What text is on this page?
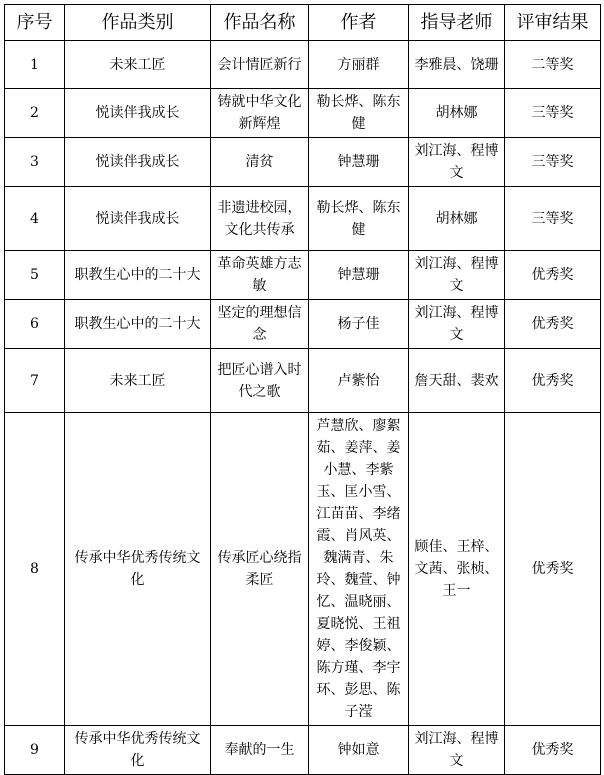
序号	作品类别	作品名称	作者	指导老师	评审结果
1	未来工匠	会计情匠新行	方丽群	李雅晨、饶珊	二等奖
2	悦读伴我成长	铸就中华文化新辉煌	勒长烨、陈东健	胡林娜	三等奖
3	悦读伴我成长	清贫	钟慧珊	刘江海、程博文	三等奖
4	悦读伴我成长	非遗进校园，文化共传承	勒长烨、陈东健	胡林娜	三等奖
5	职教生心中的二十大	革命英雄方志敏	钟慧珊	刘江海、程博文	优秀奖
6	职教生心中的二十大	坚定的理想信念	杨子佳	刘江海、程博文	优秀奖
7	未来工匠	把匠心谱入时代之歌	卢紫怡	詹天甜、裴欢	优秀奖
8	传承中华优秀传统文化	传承匠心绕指柔匠	芦慧欣、廖絮茹、姜萍、姜小慧、李紫玉、匡小雪、江苗苗、李绪霞、肖风英、魏满青、朱玲、魏萱、钟忆、温晓丽、夏晓悦、王祖婷、李俊颖、陈方瑾、李宇环、彭思、陈子滢	顾佳、王梓、文茜、张桢、王一	优秀奖
9	传承中华优秀传统文化	奉献的一生	钟如意	刘江海、程博文	优秀奖
